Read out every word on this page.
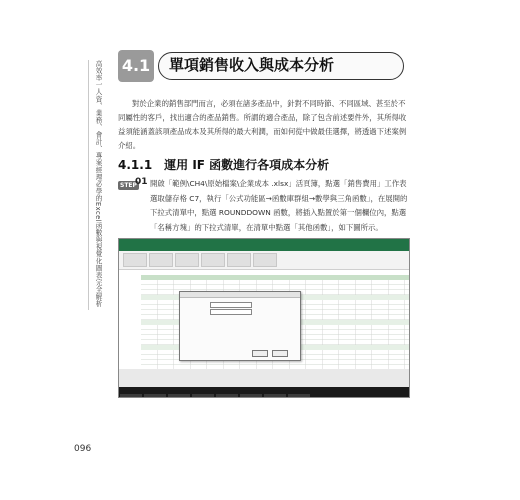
高效率一人資、業務、會計、專案經理必學的Excel函數與視覺化圖表完全解析 4.1	單項銷售收入與成本分析

對於企業的銷售部門而言，必須在諸多產品中，針對不同時節、不同區域、甚至於不同屬性的客戶，找出適合的產品銷售。所謂的適合產品，除了包含前述要件外，其所得收益須能涵蓋該項產品成本及其所得的最大利潤，而如何從中做最佳選擇，將透過下述案例介紹。

4.1.1　運用 IF 函數進行各項成本分析
STEP
01 開啟「範例\CH4\原始檔案\企業成本 .xlsx」活頁簿，點選「銷售費用」工作表選取儲存格 C7，執行「公式功能區→函數庫群組→數學與三角函數」，在展開的下拉式清單中，點選 ROUNDDOWN 函數，將插入點置於第一個欄位內，點選「名稱方塊」的下拉式清單，在清單中點選「其他函數」，如下圖所示。

096
